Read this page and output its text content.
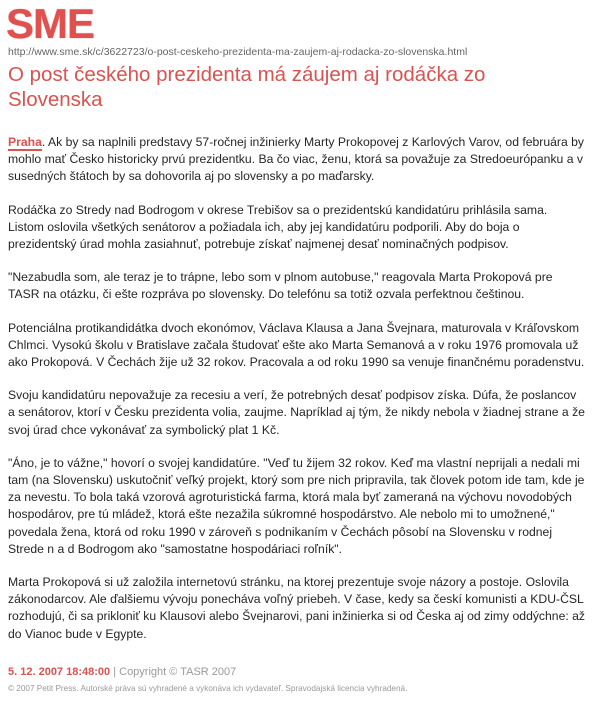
SME
http://www.sme.sk/c/3622723/o-post-ceskeho-prezidenta-ma-zaujem-aj-rodacka-zo-slovenska.html
O post českého prezidenta má záujem aj rodáčka zo Slovenska

Praha. Ak by sa naplnili predstavy 57-ročnej inžinierky Marty Prokopovej z Karlových Varov, od februára by mohlo mať Česko historicky prvú prezidentku. Ba čo viac, ženu, ktorá sa považuje za Stredoeurópanku a v susedných štátoch by sa dohovorila aj po slovensky a po maďarsky.

Rodáčka zo Stredy nad Bodrogom v okrese Trebišov sa o prezidentskú kandidatúru prihlásila sama. Listom oslovila všetkých senátorov a požiadala ich, aby jej kandidatúru podporili. Aby do boja o prezidentský úrad mohla zasiahnuť, potrebuje získať najmenej desať nominačných podpisov.

"Nezabudla som, ale teraz je to trápne, lebo som v plnom autobuse," reagovala Marta Prokopová pre TASR na otázku, či ešte rozpráva po slovensky. Do telefónu sa totiž ozvala perfektnou češtinou.

Potenciálna protikandidátka dvoch ekonómov, Václava Klausa a Jana Švejnara, maturovala v Kráľovskom Chlmci. Vysokú školu v Bratislave začala študovať ešte ako Marta Semanová a v roku 1976 promovala už ako Prokopová. V Čechách žije už 32 rokov. Pracovala a od roku 1990 sa venuje finančnému poradenstvu.

Svoju kandidatúru nepovažuje za recesiu a verí, že potrebných desať podpisov získa. Dúfa, že poslancov a senátorov, ktorí v Česku prezidenta volia, zaujme. Napríklad aj tým, že nikdy nebola v žiadnej strane a že svoj úrad chce vykonávať za symbolický plat 1 Kč.

"Áno, je to vážne," hovorí o svojej kandidatúre. "Veď tu žijem 32 rokov. Keď ma vlastní neprijali a nedali mi tam (na Slovensku) uskutočniť veľký projekt, ktorý som pre nich pripravila, tak človek potom ide tam, kde je za nevestu. To bola taká vzorová agroturistická farma, ktorá mala byť zameraná na výchovu novodobých hospodárov, pre tú mládež, ktorá ešte nezažila súkromné hospodárstvo. Ale nebolo mi to umožnené," povedala žena, ktorá od roku 1990 v zároveň s podnikaním v Čechách pôsobí na Slovensku v rodnej Strede n a d Bodrogom ako "samostatne hospodáriaci roľník".

Marta Prokopová si už založila internetovú stránku, na ktorej prezentuje svoje názory a postoje. Oslovila zákonodarcov. Ale ďalšiemu vývoju ponecháva voľný priebeh. V čase, kedy sa českí komunisti a KDU-ČSL rozhodujú, či sa prikloniť ku Klausovi alebo Švejnarovi, pani inžinierka si od Česka aj od zimy oddýchne: až do Vianoc bude v Egypte.

5. 12. 2007 18:48:00 | Copyright © TASR 2007
© 2007 Petit Press. Autorské práva sú vyhradené a vykonáva ich vydavateľ. Spravodajská licencia vyhradená.
